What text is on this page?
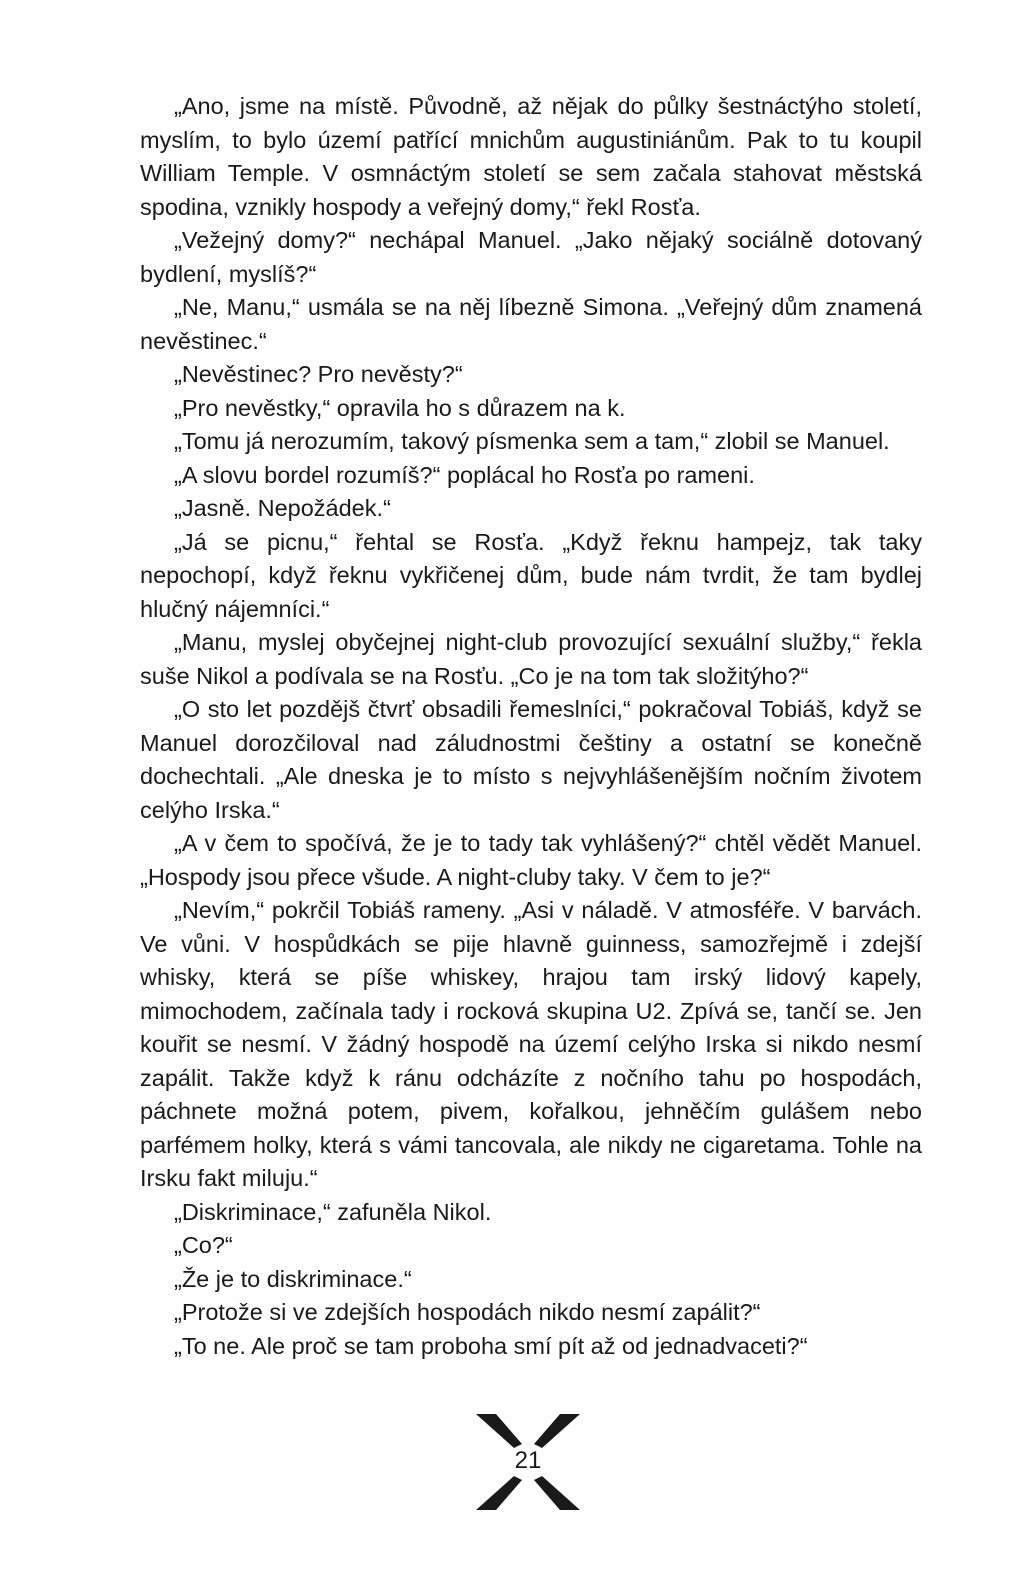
„Ano, jsme na místě. Původně, až nějak do půlky šestnáctýho století, myslím, to bylo území patřící mnichům augustiniánům. Pak to tu koupil William Temple. V osmnáctým století se sem začala stahovat městská spodina, vznikly hospody a veřejný domy,“ řekl Rosťa.

„Vežejný domy?“ nechápal Manuel. „Jako nějaký sociálně dotovaný bydlení, myslíš?“

„Ne, Manu,“ usmála se na něj líbezně Simona. „Veřejný dům znamená nevěstinec.“

„Nevěstinec? Pro nevěsty?“

„Pro nevěstky,“ opravila ho s důrazem na k.

„Tomu já nerozumím, takový písmenka sem a tam,“ zlobil se Manuel.

„A slovu bordel rozumíš?“ poplácal ho Rosťa po rameni.

„Jasně. Nepožádek.“

„Já se picnu,“ řehtal se Rosťa. „Když řeknu hampejz, tak taky nepochopí, když řeknu vykřičenej dům, bude nám tvrdit, že tam bydlej hlučný nájemníci.“

„Manu, myslej obyčejnej night-club provozující sexuální služby,“ řekla suše Nikol a podívala se na Rosťu. „Co je na tom tak složitýho?“

„O sto let pozdějš čtvrť obsadili řemeslníci,“ pokračoval Tobiáš, když se Manuel dorozčiloval nad záludnostmi češtiny a ostatní se konečně dochechtali. „Ale dneska je to místo s nejvyhlášenějším nočním životem celýho Irska.“

„A v čem to spočívá, že je to tady tak vyhlášený?“ chtěl vědět Manuel. „Hospody jsou přece všude. A night-cluby taky. V čem to je?“

„Nevím,“ pokrčil Tobiáš rameny. „Asi v náladě. V atmosféře. V barvách. Ve vůni. V hospůdkách se pije hlavně guinness, samozřejmě i zdejší whisky, která se píše whiskey, hrajou tam irský lidový kapely, mimochodem, začínala tady i rocková skupina U2. Zpívá se, tančí se. Jen kouřit se nesmí. V žádný hospodě na území celýho Irska si nikdo nesmí zapálit. Takže když k ránu odcházíte z nočního tahu po hospodách, páchnete možná potem, pivem, kořalkou, jehněčím gulášem nebo parfémem holky, která s vámi tancovala, ale nikdy ne cigaretama. Tohle na Irsku fakt miluju.“

„Diskriminace,“ zafuněla Nikol.

„Co?“

„Že je to diskriminace.“

„Protože si ve zdejších hospodách nikdo nesmí zapálit?“

„To ne. Ale proč se tam proboha smí pít až od jednadvaceti?“

21
